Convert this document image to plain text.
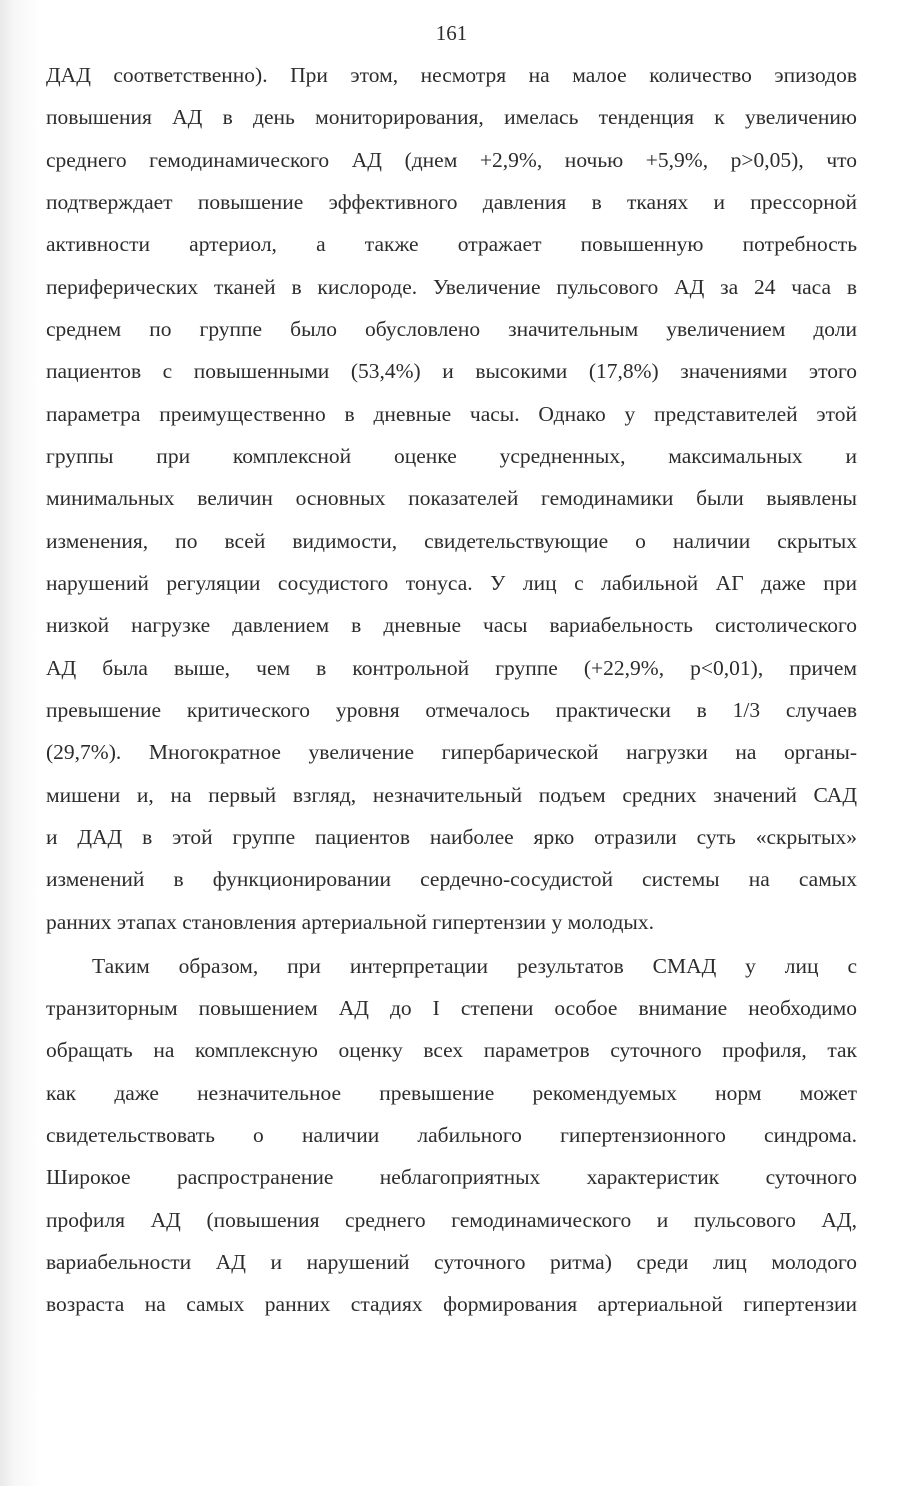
161
ДАД соответственно). При этом, несмотря на малое количество эпизодов
повышения АД в день мониторирования, имелась тенденция к увеличению
среднего гемодинамического АД (днем +2,9%, ночью +5,9%, p>0,05), что
подтверждает повышение эффективного давления в тканях и прессорной
активности артериол, а также отражает повышенную потребность
периферических тканей в кислороде. Увеличение пульсового АД за 24 часа в
среднем по группе было обусловлено значительным увеличением доли
пациентов с повышенными (53,4%) и высокими (17,8%) значениями этого
параметра преимущественно в дневные часы. Однако у представителей этой
группы при комплексной оценке усредненных, максимальных и
минимальных величин основных показателей гемодинамики были выявлены
изменения, по всей видимости, свидетельствующие о наличии скрытых
нарушений регуляции сосудистого тонуса. У лиц с лабильной АГ даже при
низкой нагрузке давлением в дневные часы вариабельность систолического
АД была выше, чем в контрольной группе (+22,9%, p<0,01), причем
превышение критического уровня отмечалось практически в 1/3 случаев
(29,7%). Многократное увеличение гипербарической нагрузки на органы-
мишени и, на первый взгляд, незначительный подъем средних значений САД
и ДАД в этой группе пациентов наиболее ярко отразили суть «скрытых»
изменений в функционировании сердечно-сосудистой системы на самых
ранних этапах становления артериальной гипертензии у молодых.
Таким образом, при интерпретации результатов СМАД у лиц с
транзиторным повышением АД до I степени особое внимание необходимо
обращать на комплексную оценку всех параметров суточного профиля, так
как даже незначительное превышение рекомендуемых норм может
свидетельствовать о наличии лабильного гипертензионного синдрома.
Широкое распространение неблагоприятных характеристик суточного
профиля АД (повышения среднего гемодинамического и пульсового АД,
вариабельности АД и нарушений суточного ритма) среди лиц молодого
возраста на самых ранних стадиях формирования артериальной гипертензии
